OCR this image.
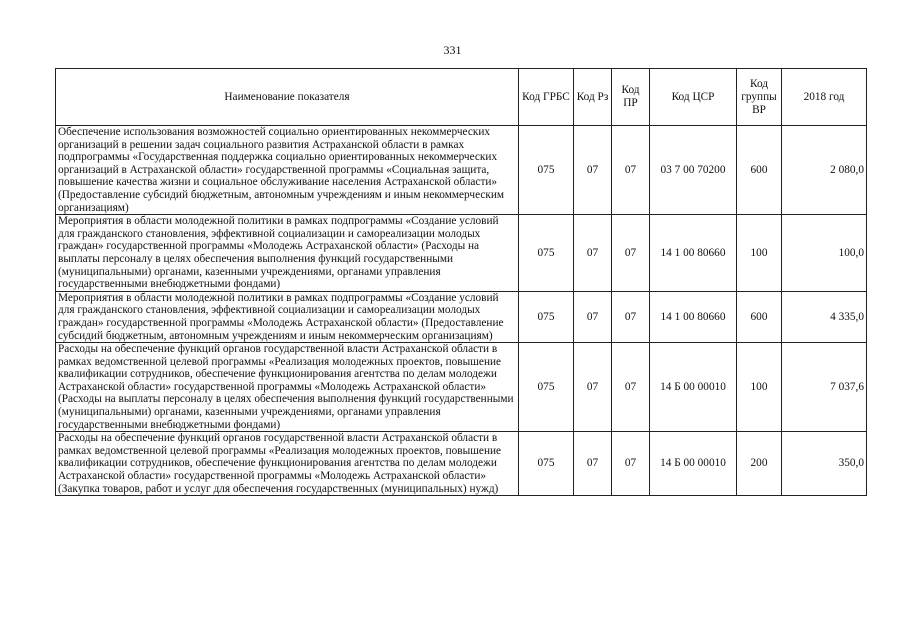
331
Наименование показателя	Код ГРБС	Код Рз	Код ПР	Код ЦСР	Код группы ВР	2018 год
Обеспечение использования возможностей социально ориентированных некоммерческих организаций в решении задач социального развития Астраханской области в рамках подпрограммы «Государственная поддержка социально ориентированных некоммерческих организаций в Астраханской области» государственной программы «Социальная защита, повышение качества жизни и социальное обслуживание населения Астраханской области» (Предоставление субсидий бюджетным, автономным учреждениям и иным некоммерческим организациям)	075	07	07	03 7 00 70200	600	2 080,0
Мероприятия в области молодежной политики в рамках подпрограммы «Создание условий для гражданского становления, эффективной социализации и самореализации молодых граждан» государственной программы «Молодежь Астраханской области» (Расходы на выплаты персоналу в целях обеспечения выполнения функций государственными (муниципальными) органами, казенными учреждениями, органами управления государственными внебюджетными фондами)	075	07	07	14 1 00 80660	100	100,0
Мероприятия в области молодежной политики в рамках подпрограммы «Создание условий для гражданского становления, эффективной социализации и самореализации молодых граждан» государственной программы «Молодежь Астраханской области» (Предоставление субсидий бюджетным, автономным учреждениям и иным некоммерческим организациям)	075	07	07	14 1 00 80660	600	4 335,0
Расходы на обеспечение функций органов государственной власти Астраханской области в рамках ведомственной целевой программы «Реализация молодежных проектов, повышение квалификации сотрудников, обеспечение функционирования агентства по делам молодежи Астраханской области» государственной программы «Молодежь Астраханской области» (Расходы на выплаты персоналу в целях обеспечения выполнения функций государственными (муниципальными) органами, казенными учреждениями, органами управления государственными внебюджетными фондами)	075	07	07	14 Б 00 00010	100	7 037,6
Расходы на обеспечение функций органов государственной власти Астраханской области в рамках ведомственной целевой программы «Реализация молодежных проектов, повышение квалификации сотрудников, обеспечение функционирования агентства по делам молодежи Астраханской области» государственной программы «Молодежь Астраханской области» (Закупка товаров, работ и услуг для обеспечения государственных (муниципальных) нужд)	075	07	07	14 Б 00 00010	200	350,0
